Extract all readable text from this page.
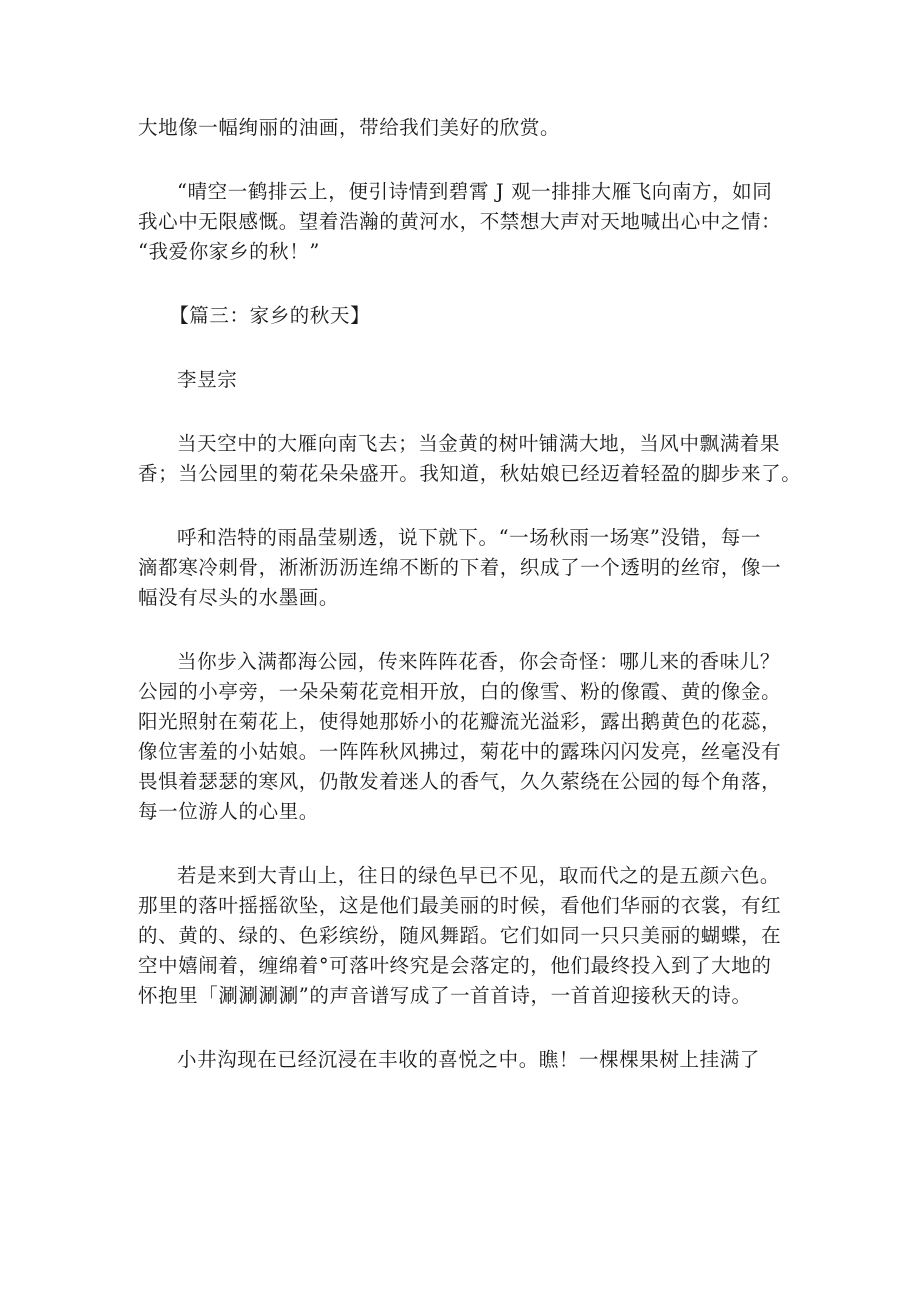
大地像一幅绚丽的油画，带给我们美好的欣赏。

“晴空一鹤排云上，便引诗情到碧霄 J 观一排排大雁飞向南方，如同
我心中无限感慨。望着浩瀚的黄河水，不禁想大声对天地喊出心中之情：
“我爱你家乡的秋！”

【篇三：家乡的秋天】

李昱宗

当天空中的大雁向南飞去；当金黄的树叶铺满大地，当风中飘满着果
香；当公园里的菊花朵朵盛开。我知道，秋姑娘已经迈着轻盈的脚步来了。

呼和浩特的雨晶莹剔透，说下就下。“一场秋雨一场寒”没错，每一
滴都寒冷刺骨，淅淅沥沥连绵不断的下着，织成了一个透明的丝帘，像一
幅没有尽头的水墨画。

当你步入满都海公园，传来阵阵花香，你会奇怪：哪儿来的香味儿？
公园的小亭旁，一朵朵菊花竞相开放，白的像雪、粉的像霞、黄的像金。
阳光照射在菊花上，使得她那娇小的花瓣流光溢彩，露出鹅黄色的花蕊，
像位害羞的小姑娘。一阵阵秋风拂过，菊花中的露珠闪闪发亮，丝毫没有
畏惧着瑟瑟的寒风，仍散发着迷人的香气，久久萦绕在公园的每个角落，
每一位游人的心里。

若是来到大青山上，往日的绿色早已不见，取而代之的是五颜六色。
那里的落叶摇摇欲坠，这是他们最美丽的时候，看他们华丽的衣裳，有红
的、黄的、绿的、色彩缤纷，随风舞蹈。它们如同一只只美丽的蝴蝶，在
空中嬉闹着，缠绵着°可落叶终究是会落定的，他们最终投入到了大地的
怀抱里「涮涮涮涮”的声音谱写成了一首首诗，一首首迎接秋天的诗。

小井沟现在已经沉浸在丰收的喜悦之中。瞧！一棵棵果树上挂满了
